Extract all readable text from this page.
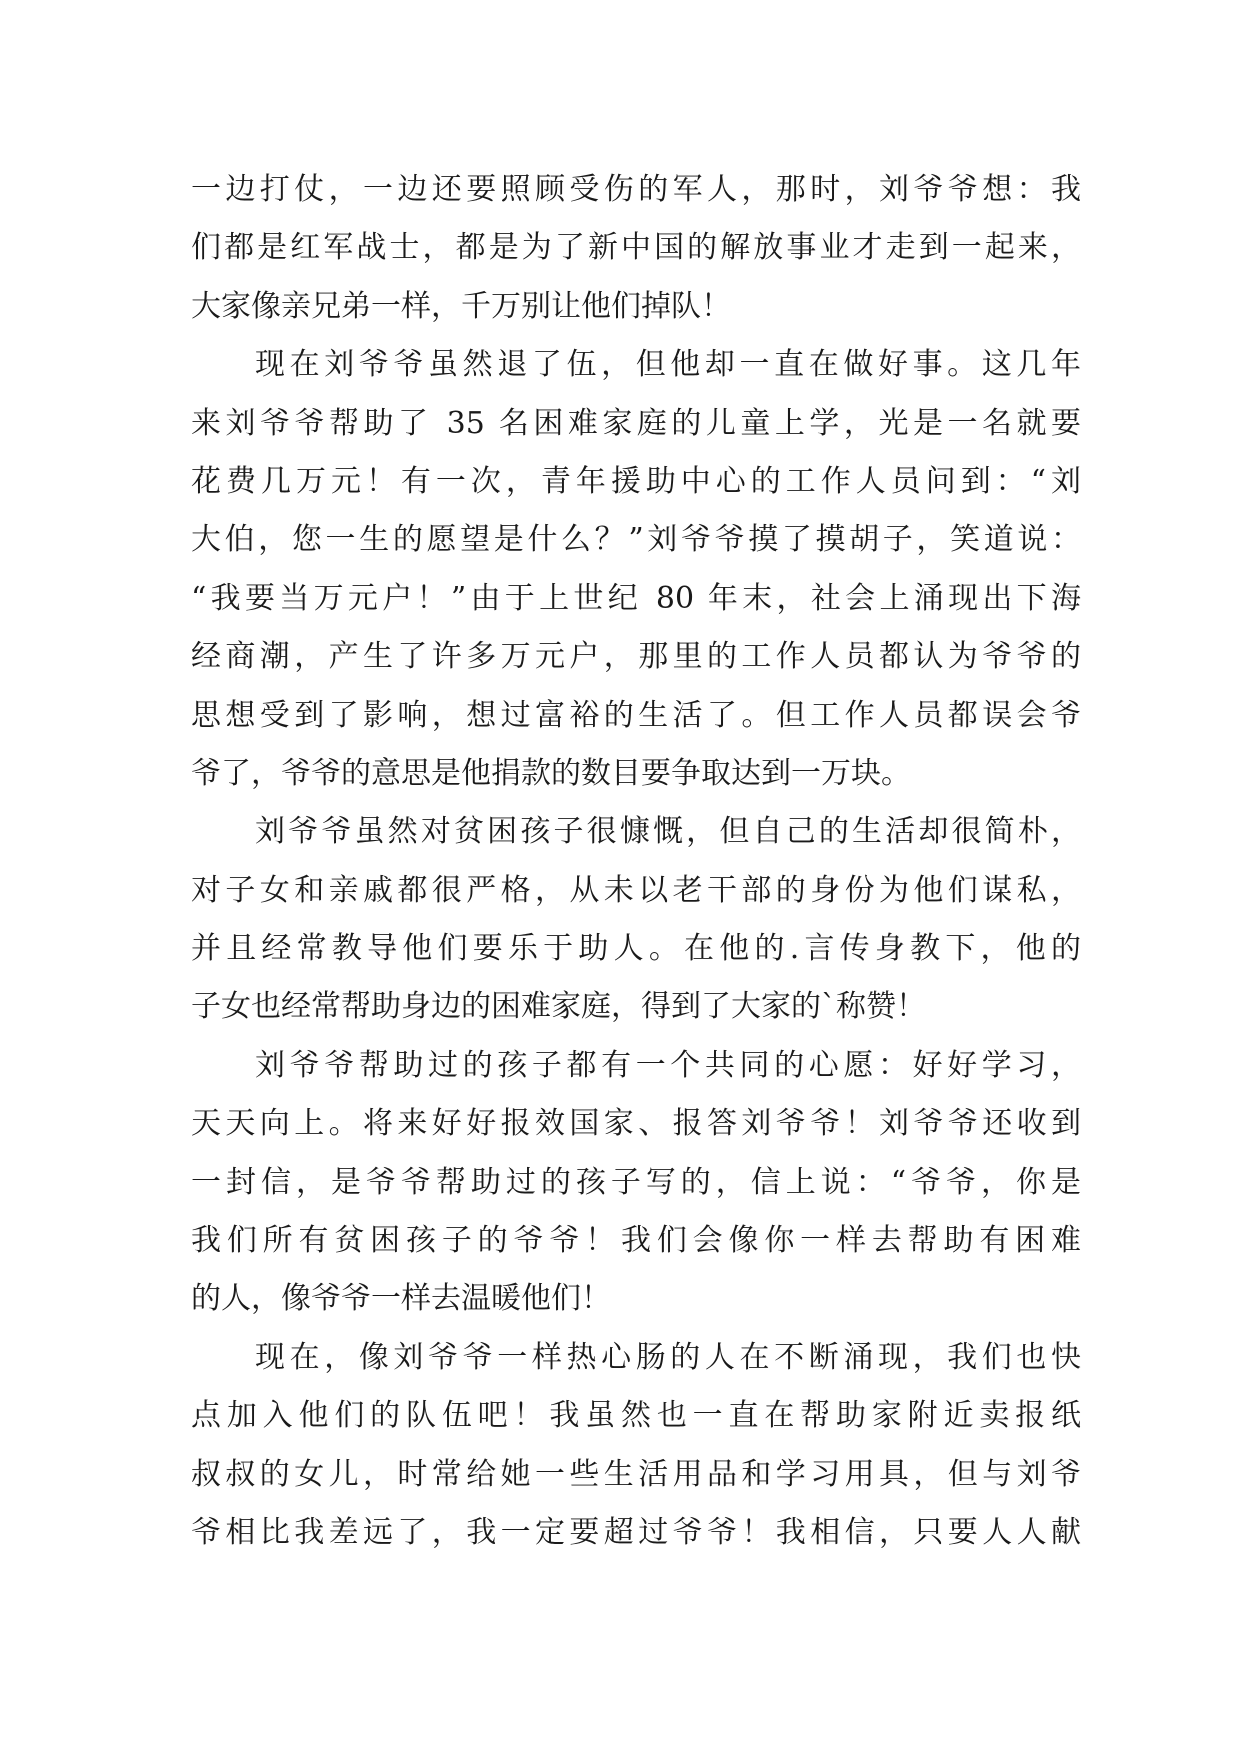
一边打仗，一边还要照顾受伤的军人，那时，刘爷爷想：我
们都是红军战士，都是为了新中国的解放事业才走到一起来，
大家像亲兄弟一样，千万别让他们掉队！
现在刘爷爷虽然退了伍，但他却一直在做好事。这几年
来刘爷爷帮助了 35 名困难家庭的儿童上学，光是一名就要
花费几万元！有一次，青年援助中心的工作人员问到：“刘
大伯，您一生的愿望是什么？”刘爷爷摸了摸胡子，笑道说：
“我要当万元户！”由于上世纪 80 年末，社会上涌现出下海
经商潮，产生了许多万元户，那里的工作人员都认为爷爷的
思想受到了影响，想过富裕的生活了。但工作人员都误会爷
爷了，爷爷的意思是他捐款的数目要争取达到一万块。
刘爷爷虽然对贫困孩子很慷慨，但自己的生活却很简朴，
对子女和亲戚都很严格，从未以老干部的身份为他们谋私，
并且经常教导他们要乐于助人。在他的.言传身教下，他的
子女也经常帮助身边的困难家庭，得到了大家的`称赞！
刘爷爷帮助过的孩子都有一个共同的心愿：好好学习，
天天向上。将来好好报效国家、报答刘爷爷！刘爷爷还收到
一封信，是爷爷帮助过的孩子写的，信上说：“爷爷，你是
我们所有贫困孩子的爷爷！我们会像你一样去帮助有困难
的人，像爷爷一样去温暖他们！
现在，像刘爷爷一样热心肠的人在不断涌现，我们也快
点加入他们的队伍吧！我虽然也一直在帮助家附近卖报纸
叔叔的女儿，时常给她一些生活用品和学习用具，但与刘爷
爷相比我差远了，我一定要超过爷爷！我相信，只要人人献
